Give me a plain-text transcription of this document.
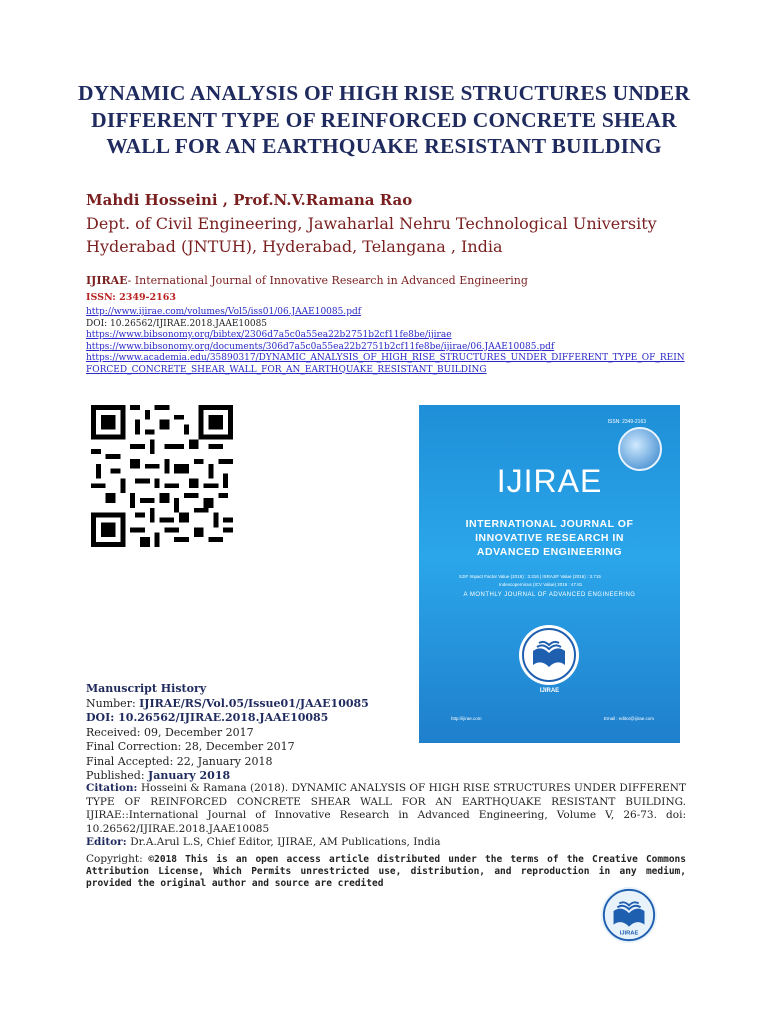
DYNAMIC ANALYSIS OF HIGH RISE STRUCTURES UNDER DIFFERENT TYPE OF REINFORCED CONCRETE SHEAR WALL FOR AN EARTHQUAKE RESISTANT BUILDING
Mahdi Hosseini , Prof.N.V.Ramana Rao
Dept. of Civil Engineering, Jawaharlal Nehru Technological University Hyderabad (JNTUH), Hyderabad, Telangana , India
IJIRAE- International Journal of Innovative Research in Advanced Engineering
ISSN: 2349-2163
http://www.ijirae.com/volumes/Vol5/iss01/06.JAAE10085.pdf
DOI: 10.26562/IJIRAE.2018.JAAE10085
https://www.bibsonomy.org/bibtex/2306d7a5c0a55ea22b2751b2cf11fe8be/ijirae
https://www.bibsonomy.org/documents/306d7a5c0a55ea22b2751b2cf11fe8be/ijirae/06.JAAE10085.pdf
https://www.academia.edu/35890317/DYNAMIC_ANALYSIS_OF_HIGH_RISE_STRUCTURES_UNDER_DIFFERENT_TYPE_OF_REINFORCED_CONCRETE_SHEAR_WALL_FOR_AN_EARTHQUAKE_RESISTANT_BUILDING
ISSN: 2349-2163
IJIRAE
INTERNATIONAL JOURNAL OF
INNOVATIVE RESEARCH IN
ADVANCED ENGINEERING
SJIF Impact Factor Value (2016) : 3.316 | ISRAJIF Value (2016) : 3.715
Indexcopernicus (ICV Value) 2016 : 47.81
A MONTHLY JOURNAL OF ADVANCED ENGINEERING
IJIRAE
http://ijirae.com	Email : editor@ijirae.com
Manuscript History
Number: IJIRAE/RS/Vol.05/Issue01/JAAE10085
DOI: 10.26562/IJIRAE.2018.JAAE10085
Received: 09, December 2017
Final Correction: 28, December 2017
Final Accepted: 22, January 2018
Published: January 2018
Citation: Hosseini & Ramana (2018). DYNAMIC ANALYSIS OF HIGH RISE STRUCTURES UNDER DIFFERENT TYPE OF REINFORCED CONCRETE SHEAR WALL FOR AN EARTHQUAKE RESISTANT BUILDING. IJIRAE::International Journal of Innovative Research in Advanced Engineering, Volume V, 26-73. doi: 10.26562/IJIRAE.2018.JAAE10085
Editor: Dr.A.Arul L.S, Chief Editor, IJIRAE, AM Publications, India
Copyright: ©2018 This is an open access article distributed under the terms of the Creative Commons Attribution License, Which Permits unrestricted use, distribution, and reproduction in any medium, provided the original author and source are credited
IJIRAE
